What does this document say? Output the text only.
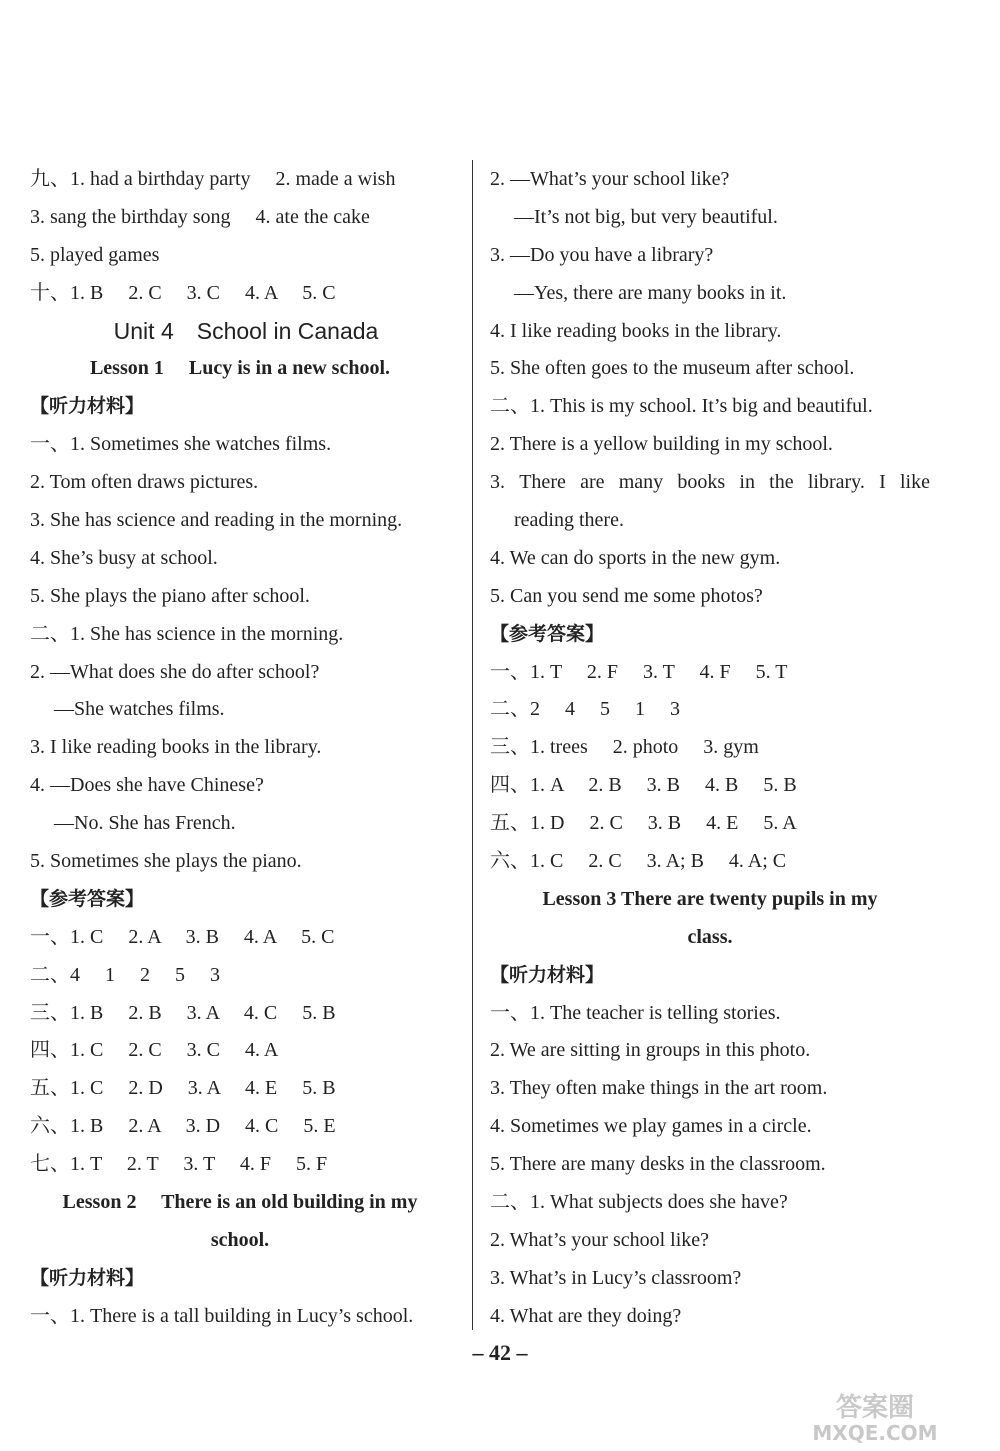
九、1. had a birthday party　 2. made a wish
3. sang the birthday song　 4. ate the cake
5. played games
十、1. B　 2. C　 3. C　 4. A　 5. C
Unit 4　School in Canada
Lesson 1　 Lucy is in a new school.
【听力材料】
一、1. Sometimes she watches films.
2. Tom often draws pictures.
3. She has science and reading in the morning.
4. She’s busy at school.
5. She plays the piano after school.
二、1. She has science in the morning.
2. —What does she do after school?
—She watches films.
3. I like reading books in the library.
4. —Does she have Chinese?
—No. She has French.
5. Sometimes she plays the piano.
【参考答案】
一、1. C　 2. A　 3. B　 4. A　 5. C
二、4　 1　 2　 5　 3
三、1. B　 2. B　 3. A　 4. C　 5. B
四、1. C　 2. C　 3. C　 4. A
五、1. C　 2. D　 3. A　 4. E　 5. B
六、1. B　 2. A　 3. D　 4. C　 5. E
七、1. T　 2. T　 3. T　 4. F　 5. F
Lesson 2　 There is an old building in my
school.
【听力材料】
一、1. There is a tall building in Lucy’s school.
2. —What’s your school like?
—It’s not big, but very beautiful.
3. —Do you have a library?
—Yes, there are many books in it.
4. I like reading books in the library.
5. She often goes to the museum after school.
二、1. This is my school. It’s big and beautiful.
2. There is a yellow building in my school.
3. There are many books in the library. I like
reading there.
4. We can do sports in the new gym.
5. Can you send me some photos?
【参考答案】
一、1. T　 2. F　 3. T　 4. F　 5. T
二、2　 4　 5　 1　 3
三、1. trees　 2. photo　 3. gym
四、1. A　 2. B　 3. B　 4. B　 5. B
五、1. D　 2. C　 3. B　 4. E　 5. A
六、1. C　 2. C　 3. A; B　 4. A; C
Lesson 3 There are twenty pupils in my
class.
【听力材料】
一、1. The teacher is telling stories.
2. We are sitting in groups in this photo.
3. They often make things in the art room.
4. Sometimes we play games in a circle.
5. There are many desks in the classroom.
二、1. What subjects does she have?
2. What’s your school like?
3. What’s in Lucy’s classroom?
4. What are they doing?
– 42 –
答案圈
MXQE.COM
